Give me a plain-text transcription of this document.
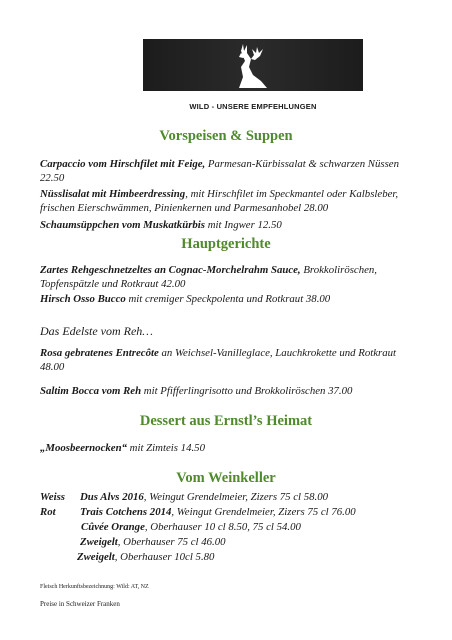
WILD - UNSERE EMPFEHLUNGEN
Vorspeisen & Suppen
Carpaccio vom Hirschfilet mit Feige, Parmesan-Kürbissalat & schwarzen Nüssen 22.50
Nüsslisalat mit Himbeerdressing, mit Hirschfilet im Speckmantel oder Kalbsleber, frischen Eierschwämmen, Pinienkernen und Parmesanhobel 28.00
Schaumsüppchen vom Muskatkürbis mit Ingwer 12.50
Hauptgerichte
Zartes Rehgeschnetzeltes an Cognac-Morchelrahm Sauce, Brokkoliröschen, Topfenspätzle und Rotkraut 42.00
Hirsch Osso Bucco mit cremiger Speckpolenta und Rotkraut 38.00
Das Edelste vom Reh…
Rosa gebratenes Entrecôte an Weichsel-Vanilleglace, Lauchkrokette und Rotkraut 48.00
Saltim Bocca vom Reh mit Pfifferlingrisotto und Brokkoliröschen 37.00
Dessert aus Ernstl’s Heimat
„Moosbeernocken“ mit Zimteis 14.50
Vom Weinkeller
Weiss Dus Alvs 2016, Weingut Grendelmeier, Zizers 75 cl 58.00
Rot Trais Cotchens 2014, Weingut Grendelmeier, Zizers 75 cl 76.00
Cûvée Orange, Oberhauser 10 cl 8.50, 75 cl 54.00
Zweigelt, Oberhauser 75 cl 46.00
Zweigelt, Oberhauser 10cl 5.80
Fleisch Herkunftsbezeichnung: Wild: AT, NZ
Preise in Schweizer Franken
